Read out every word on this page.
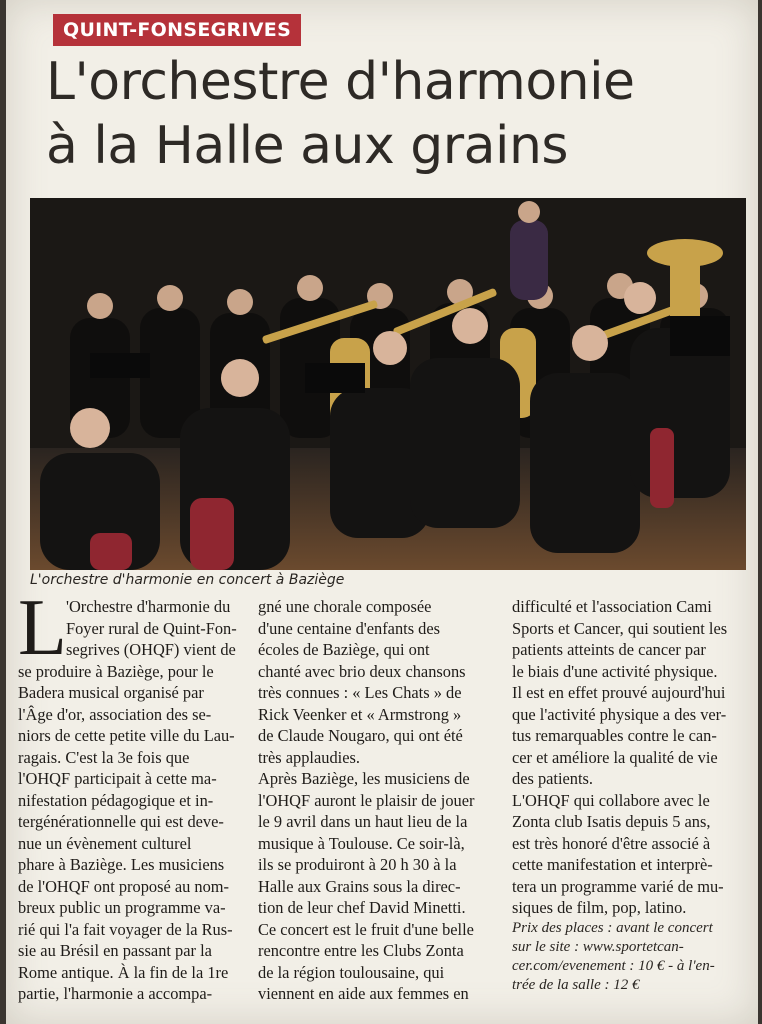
QUINT-FONSEGRIVES
L'orchestre d'harmonie
à la Halle aux grains
L'orchestre d'harmonie en concert à Baziège
L 'Orchestre d'harmonie du
Foyer rural de Quint-Fon-
segrives (OHQF) vient de
se produire à Baziège, pour le
Badera musical organisé par
l'Âge d'or, association des se-
niors de cette petite ville du Lau-
ragais. C'est la 3e fois que
l'OHQF participait à cette ma-
nifestation pédagogique et in-
tergénérationnelle qui est deve-
nue un évènement culturel
phare à Baziège. Les musiciens
de l'OHQF ont proposé au nom-
breux public un programme va-
rié qui l'a fait voyager de la Rus-
sie au Brésil en passant par la
Rome antique. À la fin de la 1re
partie, l'harmonie a accompa-
gné une chorale composée
d'une centaine d'enfants des
écoles de Baziège, qui ont
chanté avec brio deux chansons
très connues : « Les Chats » de
Rick Veenker et « Armstrong »
de Claude Nougaro, qui ont été
très applaudies.
Après Baziège, les musiciens de
l'OHQF auront le plaisir de jouer
le 9 avril dans un haut lieu de la
musique à Toulouse. Ce soir-là,
ils se produiront à 20 h 30 à la
Halle aux Grains sous la direc-
tion de leur chef David Minetti.
Ce concert est le fruit d'une belle
rencontre entre les Clubs Zonta
de la région toulousaine, qui
viennent en aide aux femmes en
difficulté et l'association Cami
Sports et Cancer, qui soutient les
patients atteints de cancer par
le biais d'une activité physique.
Il est en effet prouvé aujourd'hui
que l'activité physique a des ver-
tus remarquables contre le can-
cer et améliore la qualité de vie
des patients.
L'OHQF qui collabore avec le
Zonta club Isatis depuis 5 ans,
est très honoré d'être associé à
cette manifestation et interprè-
tera un programme varié de mu-
siques de film, pop, latino.
Prix des places : avant le concert
sur le site : www.sportetcan-
cer.com/evenement : 10 € - à l'en-
trée de la salle : 12 €
